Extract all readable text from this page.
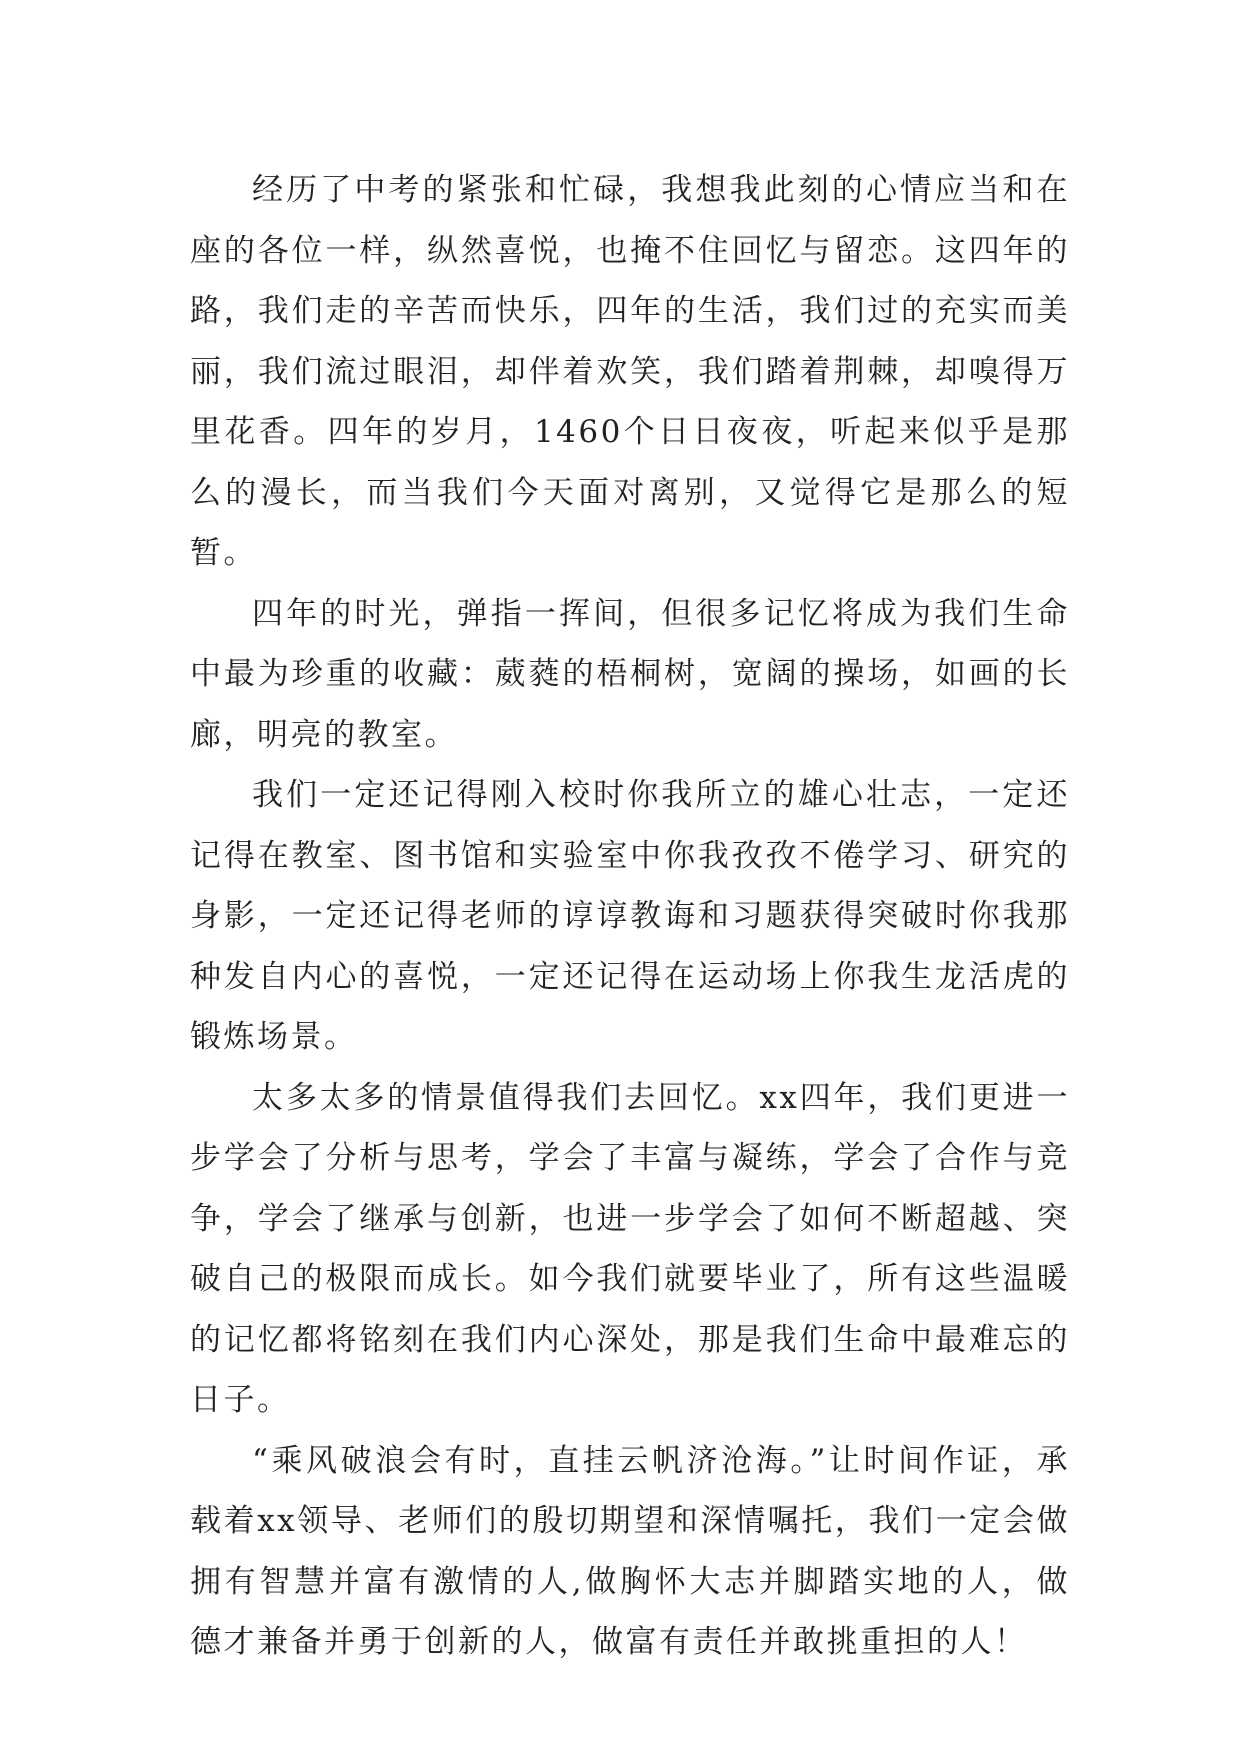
经历了中考的紧张和忙碌，我想我此刻的心情应当和在座的各位一样，纵然喜悦，也掩不住回忆与留恋。这四年的路，我们走的辛苦而快乐，四年的生活，我们过的充实而美丽，我们流过眼泪，却伴着欢笑，我们踏着荆棘，却嗅得万里花香。四年的岁月，1460个日日夜夜，听起来似乎是那么的漫长，而当我们今天面对离别，又觉得它是那么的短暂。

四年的时光，弹指一挥间，但很多记忆将成为我们生命中最为珍重的收藏：葳蕤的梧桐树，宽阔的操场，如画的长廊，明亮的教室。

我们一定还记得刚入校时你我所立的雄心壮志，一定还记得在教室、图书馆和实验室中你我孜孜不倦学习、研究的身影，一定还记得老师的谆谆教诲和习题获得突破时你我那种发自内心的喜悦，一定还记得在运动场上你我生龙活虎的锻炼场景。

太多太多的情景值得我们去回忆。xx四年，我们更进一步学会了分析与思考，学会了丰富与凝练，学会了合作与竞争，学会了继承与创新，也进一步学会了如何不断超越、突破自己的极限而成长。如今我们就要毕业了，所有这些温暖的记忆都将铭刻在我们内心深处，那是我们生命中最难忘的日子。

“乘风破浪会有时，直挂云帆济沧海。”让时间作证，承载着xx领导、老师们的殷切期望和深情嘱托，我们一定会做拥有智慧并富有激情的人,做胸怀大志并脚踏实地的人，做德才兼备并勇于创新的人，做富有责任并敢挑重担的人！
